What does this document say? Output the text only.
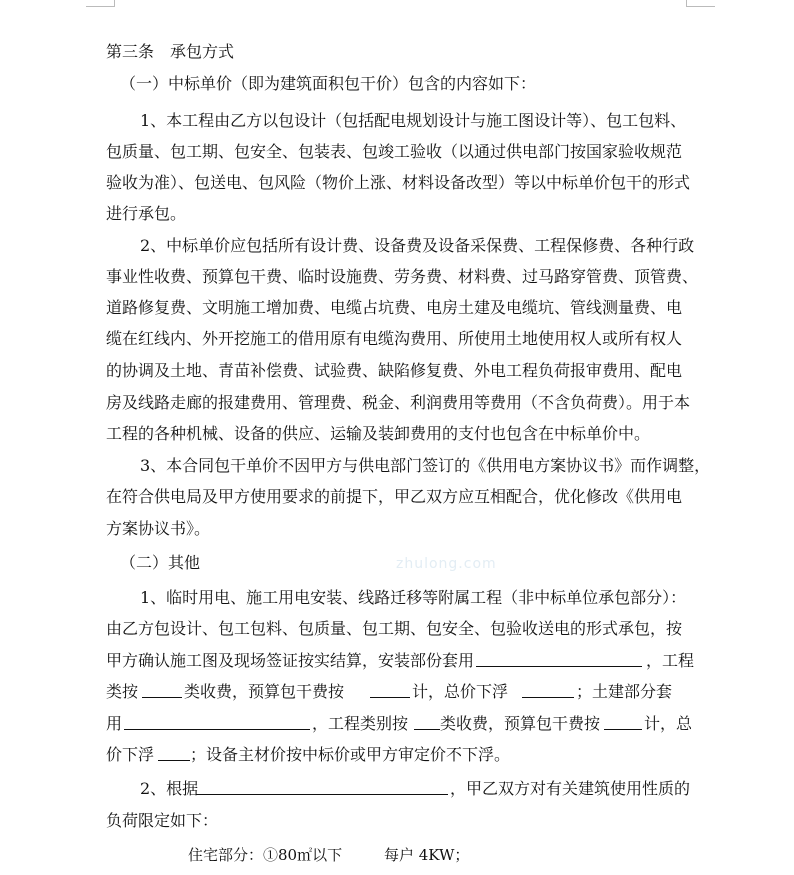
zhulong.com
第三条　承包方式
（一）中标单价（即为建筑面积包干价）包含的内容如下：
1、本工程由乙方以包设计（包括配电规划设计与施工图设计等）、包工包料、
包质量、包工期、包安全、包装表、包竣工验收（以通过供电部门按国家验收规范
验收为准）、包送电、包风险（物价上涨、材料设备改型）等以中标单价包干的形式
进行承包。
2、中标单价应包括所有设计费、设备费及设备采保费、工程保修费、各种行政
事业性收费、预算包干费、临时设施费、劳务费、材料费、过马路穿管费、顶管费、
道路修复费、文明施工增加费、电缆占坑费、电房土建及电缆坑、管线测量费、电
缆在红线内、外开挖施工的借用原有电缆沟费用、所使用土地使用权人或所有权人
的协调及土地、青苗补偿费、试验费、缺陷修复费、外电工程负荷报审费用、配电
房及线路走廊的报建费用、管理费、税金、利润费用等费用（不含负荷费）。用于本
工程的各种机械、设备的供应、运输及装卸费用的支付也包含在中标单价中。
3、本合同包干单价不因甲方与供电部门签订的《供用电方案协议书》而作调整，
在符合供电局及甲方使用要求的前提下，甲乙双方应互相配合，优化修改《供用电
方案协议书》。
（二）其他
1、临时用电、施工用电安装、线路迁移等附属工程（非中标单位承包部分）：
由乙方包设计、包工包料、包质量、包工期、包安全、包验收送电的形式承包，按
甲方确认施工图及现场签证按实结算，安装部份套用	，工程
类按	类收费，预算包干费按	计，总价下浮	；土建部分套
用	，工程类别按 类收费，预算包干费按	计，总
价下浮 ；设备主材价按中标价或甲方审定价不下浮。
2、根据	，甲乙双方对有关建筑使用性质的
负荷限定如下：
住宅部分：①80㎡以下	每户 4KW；
